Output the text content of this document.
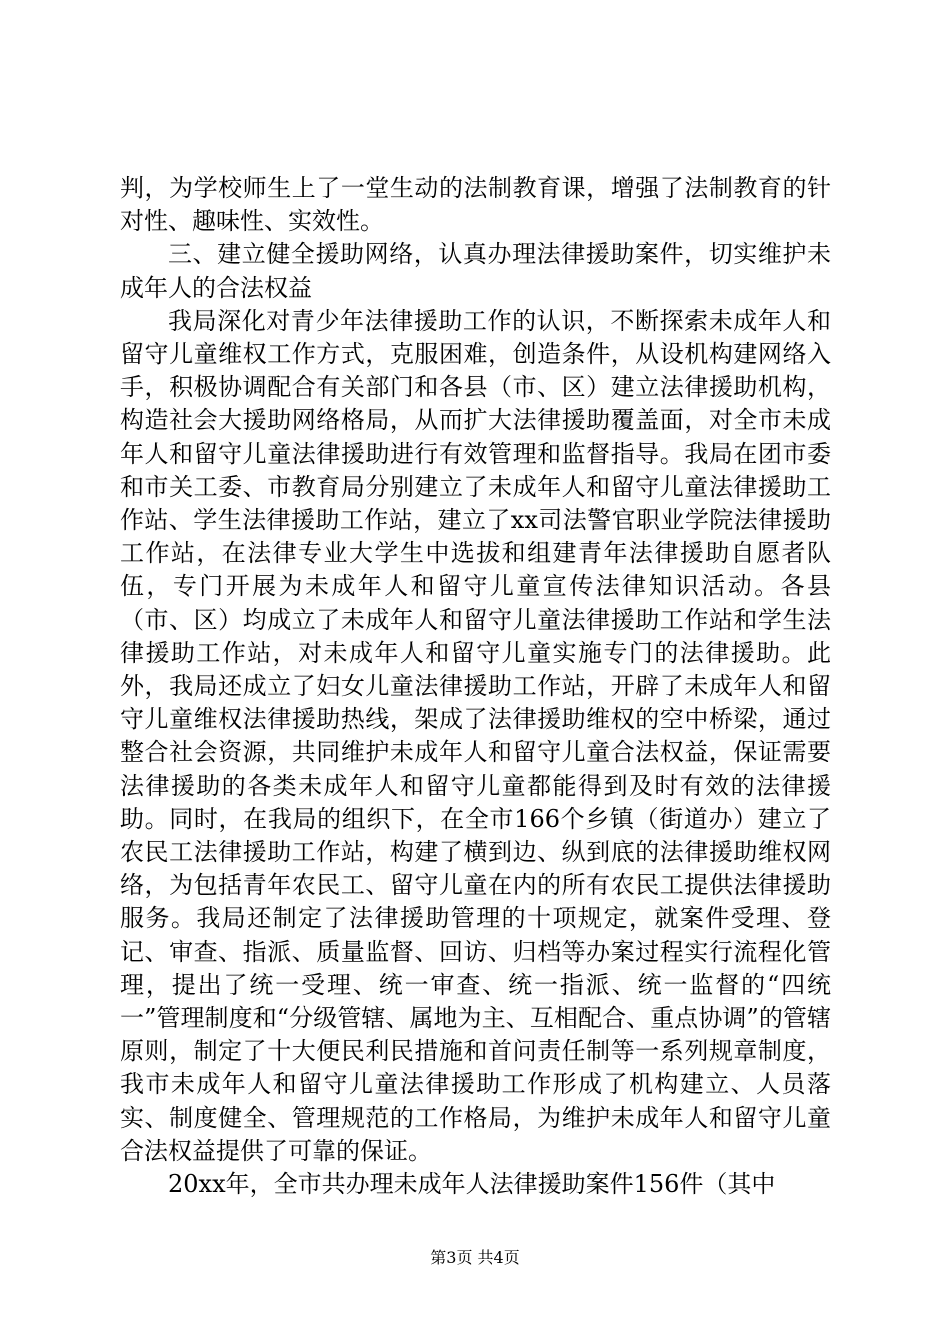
判，为学校师生上了一堂生动的法制教育课，增强了法制教育的针对性、趣味性、实效性。

三、建立健全援助网络，认真办理法律援助案件，切实维护未成年人的合法权益

我局深化对青少年法律援助工作的认识，不断探索未成年人和留守儿童维权工作方式，克服困难，创造条件，从设机构建网络入手，积极协调配合有关部门和各县（市、区）建立法律援助机构，构造社会大援助网络格局，从而扩大法律援助覆盖面，对全市未成年人和留守儿童法律援助进行有效管理和监督指导。我局在团市委和市关工委、市教育局分别建立了未成年人和留守儿童法律援助工作站、学生法律援助工作站，建立了xx司法警官职业学院法律援助工作站，在法律专业大学生中选拔和组建青年法律援助自愿者队伍，专门开展为未成年人和留守儿童宣传法律知识活动。各县（市、区）均成立了未成年人和留守儿童法律援助工作站和学生法律援助工作站，对未成年人和留守儿童实施专门的法律援助。此外，我局还成立了妇女儿童法律援助工作站，开辟了未成年人和留守儿童维权法律援助热线，架成了法律援助维权的空中桥梁，通过整合社会资源，共同维护未成年人和留守儿童合法权益，保证需要法律援助的各类未成年人和留守儿童都能得到及时有效的法律援助。同时，在我局的组织下，在全市166个乡镇（街道办）建立了农民工法律援助工作站，构建了横到边、纵到底的法律援助维权网络，为包括青年农民工、留守儿童在内的所有农民工提供法律援助服务。我局还制定了法律援助管理的十项规定，就案件受理、登记、审查、指派、质量监督、回访、归档等办案过程实行流程化管理，提出了统一受理、统一审查、统一指派、统一监督的“四统一”管理制度和“分级管辖、属地为主、互相配合、重点协调”的管辖原则，制定了十大便民利民措施和首问责任制等一系列规章制度，我市未成年人和留守儿童法律援助工作形成了机构建立、人员落实、制度健全、管理规范的工作格局，为维护未成年人和留守儿童合法权益提供了可靠的保证。

20xx年，全市共办理未成年人法律援助案件156件（其中

第3页 共4页
